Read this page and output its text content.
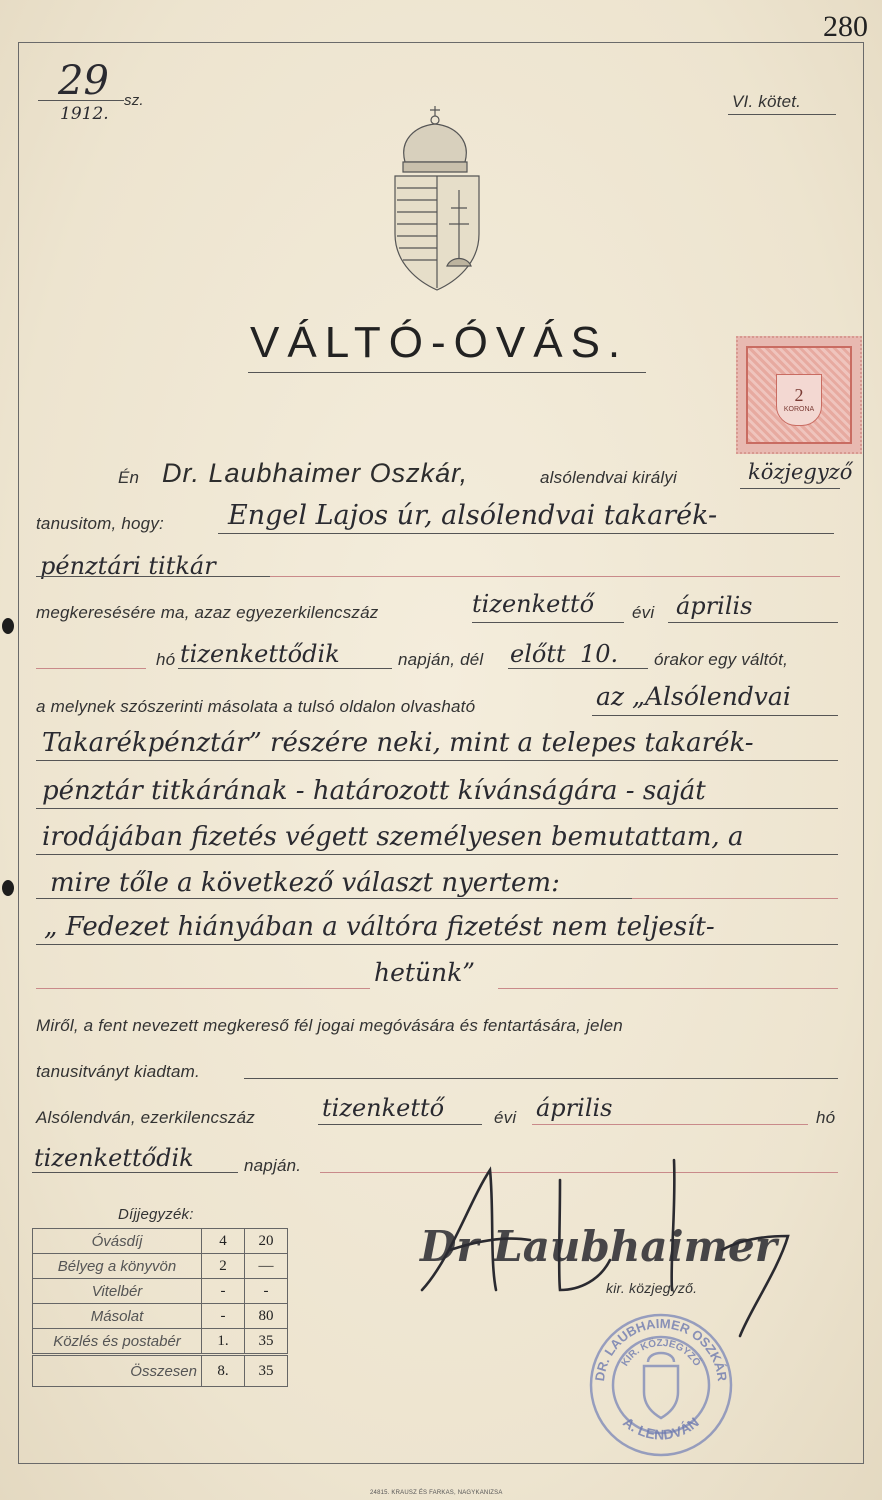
280
29 sz.
1912.
VI. kötet.
VÁLTÓ-ÓVÁS.
2
KORONA
Én Dr. Laubhaimer Oszkár,	alsólendvai királyi	közjegyző
tanusitom, hogy: Engel Lajos úr, alsólendvai takarék-
pénztári titkár
megkeresésére ma, azaz egyezerkilencszáz	tizenkettő évi április
hó tizenkettődik	napján, dél előtt 10. órakor egy váltót,
a melynek szószerinti másolata a tulsó oldalon olvasható	az „Alsólendvai
Takarékpénztár” részére neki, mint a telepes takarék-
pénztár titkárának - határozott kívánságára - saját
irodájában fizetés végett személyesen bemutattam, a
mire tőle a következő választ nyertem:
„ Fedezet hiányában a váltóra fizetést nem teljesít-
hetünk”
Miről, a fent nevezett megkereső fél jogai megóvására és fentartására, jelen
tanusitványt kiadtam.
Alsólendván, ezerkilencszáz	tizenkettő	évi április	hó
tizenkettődik	napján.
Dr Laubhaimer
kir. közjegyző.
DR. LAUBHAIMER OSZKÁR
KIR. KÖZJEGYZŐ
A. LENDVÁN
Díjjegyzék:
Óvásdíj	4	20
Bélyeg a könyvön	2	—
Vitelbér	-	-
Másolat	-	80
Közlés és postabér	1.	35
Összesen	8.	35
24815. KRAUSZ ÉS FARKAS, NAGYKANIZSA
